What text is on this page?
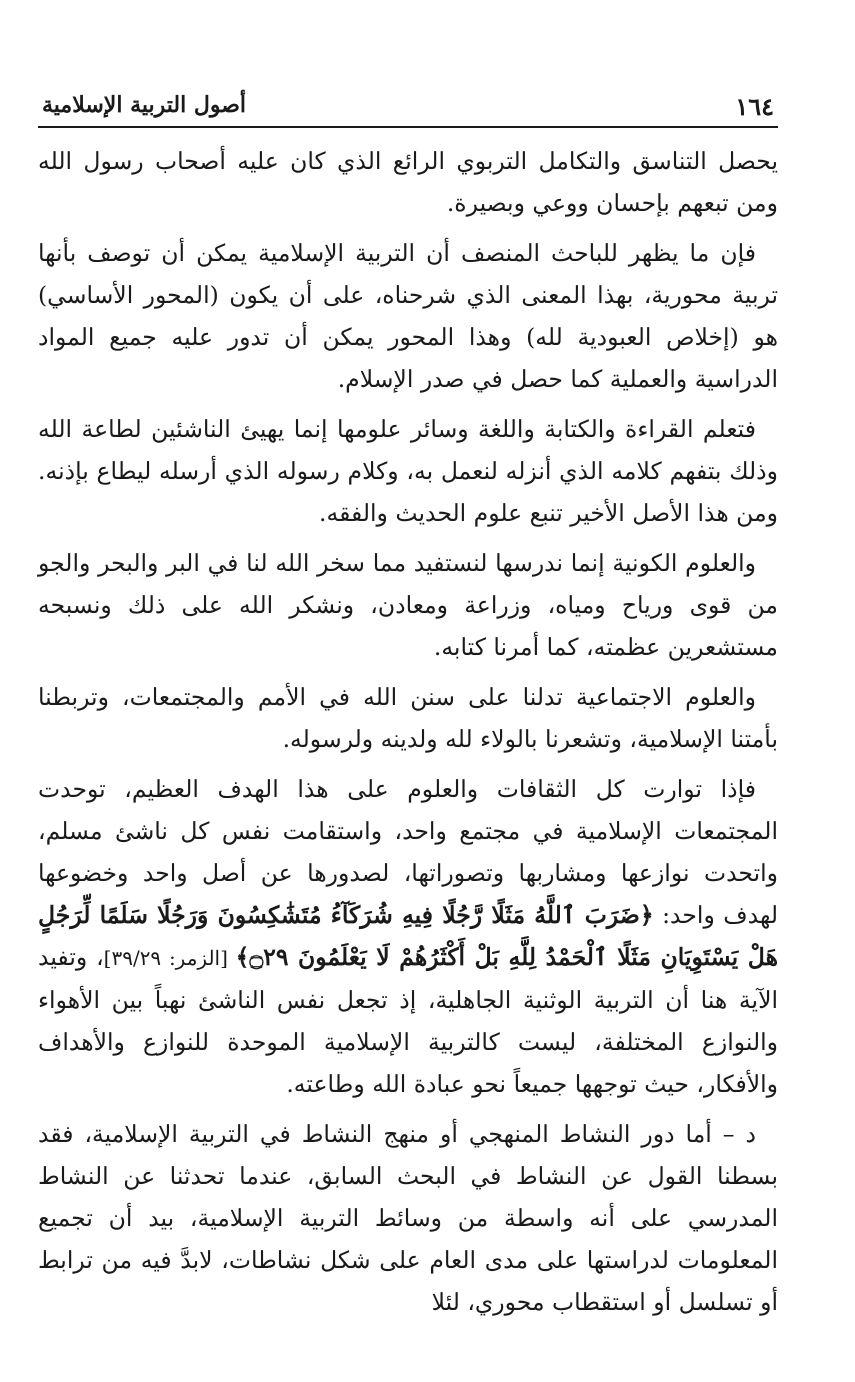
١٦٤
أصول التربية الإسلامية

يحصل التناسق والتكامل التربوي الرائع الذي كان عليه أصحاب رسول الله ومن تبعهم بإحسان ووعي وبصيرة.

فإن ما يظهر للباحث المنصف أن التربية الإسلامية يمكن أن توصف بأنها تربية محورية، بهذا المعنى الذي شرحناه، على أن يكون (المحور الأساسي) هو (إخلاص العبودية لله) وهذا المحور يمكن أن تدور عليه جميع المواد الدراسية والعملية كما حصل في صدر الإسلام.

فتعلم القراءة والكتابة واللغة وسائر علومها إنما يهيئ الناشئين لطاعة الله وذلك بتفهم كلامه الذي أنزله لنعمل به، وكلام رسوله الذي أرسله ليطاع بإذنه. ومن هذا الأصل الأخير تنبع علوم الحديث والفقه.

والعلوم الكونية إنما ندرسها لنستفيد مما سخر الله لنا في البر والبحر والجو من قوى ورياح ومياه، وزراعة ومعادن، ونشكر الله على ذلك ونسبحه مستشعرين عظمته، كما أمرنا كتابه.

والعلوم الاجتماعية تدلنا على سنن الله في الأمم والمجتمعات، وتربطنا بأمتنا الإسلامية، وتشعرنا بالولاء لله ولدينه ولرسوله.

فإذا توارت كل الثقافات والعلوم على هذا الهدف العظيم، توحدت المجتمعات الإسلامية في مجتمع واحد، واستقامت نفس كل ناشئ مسلم، واتحدت نوازعها ومشاربها وتصوراتها، لصدورها عن أصل واحد وخضوعها لهدف واحد: ﴿ضَرَبَ ٱللَّهُ مَثَلًا رَّجُلًا فِيهِ شُرَكَآءُ مُتَشَٰكِسُونَ وَرَجُلًا سَلَمًا لِّرَجُلٍ هَلْ يَسْتَوِيَانِ مَثَلًا ٱلْحَمْدُ لِلَّهِ بَلْ أَكْثَرُهُمْ لَا يَعْلَمُونَ ۝٢٩﴾ [الزمر: ٣٩/٢٩]، وتفيد الآية هنا أن التربية الوثنية الجاهلية، إذ تجعل نفس الناشئ نهباً بين الأهواء والنوازع المختلفة، ليست كالتربية الإسلامية الموحدة للنوازع والأهداف والأفكار، حيث توجهها جميعاً نحو عبادة الله وطاعته.

د – أما دور النشاط المنهجي أو منهج النشاط في التربية الإسلامية، فقد بسطنا القول عن النشاط في البحث السابق، عندما تحدثنا عن النشاط المدرسي على أنه واسطة من وسائط التربية الإسلامية، بيد أن تجميع المعلومات لدراستها على مدى العام على شكل نشاطات، لابدَّ فيه من ترابط أو تسلسل أو استقطاب محوري، لئلا
